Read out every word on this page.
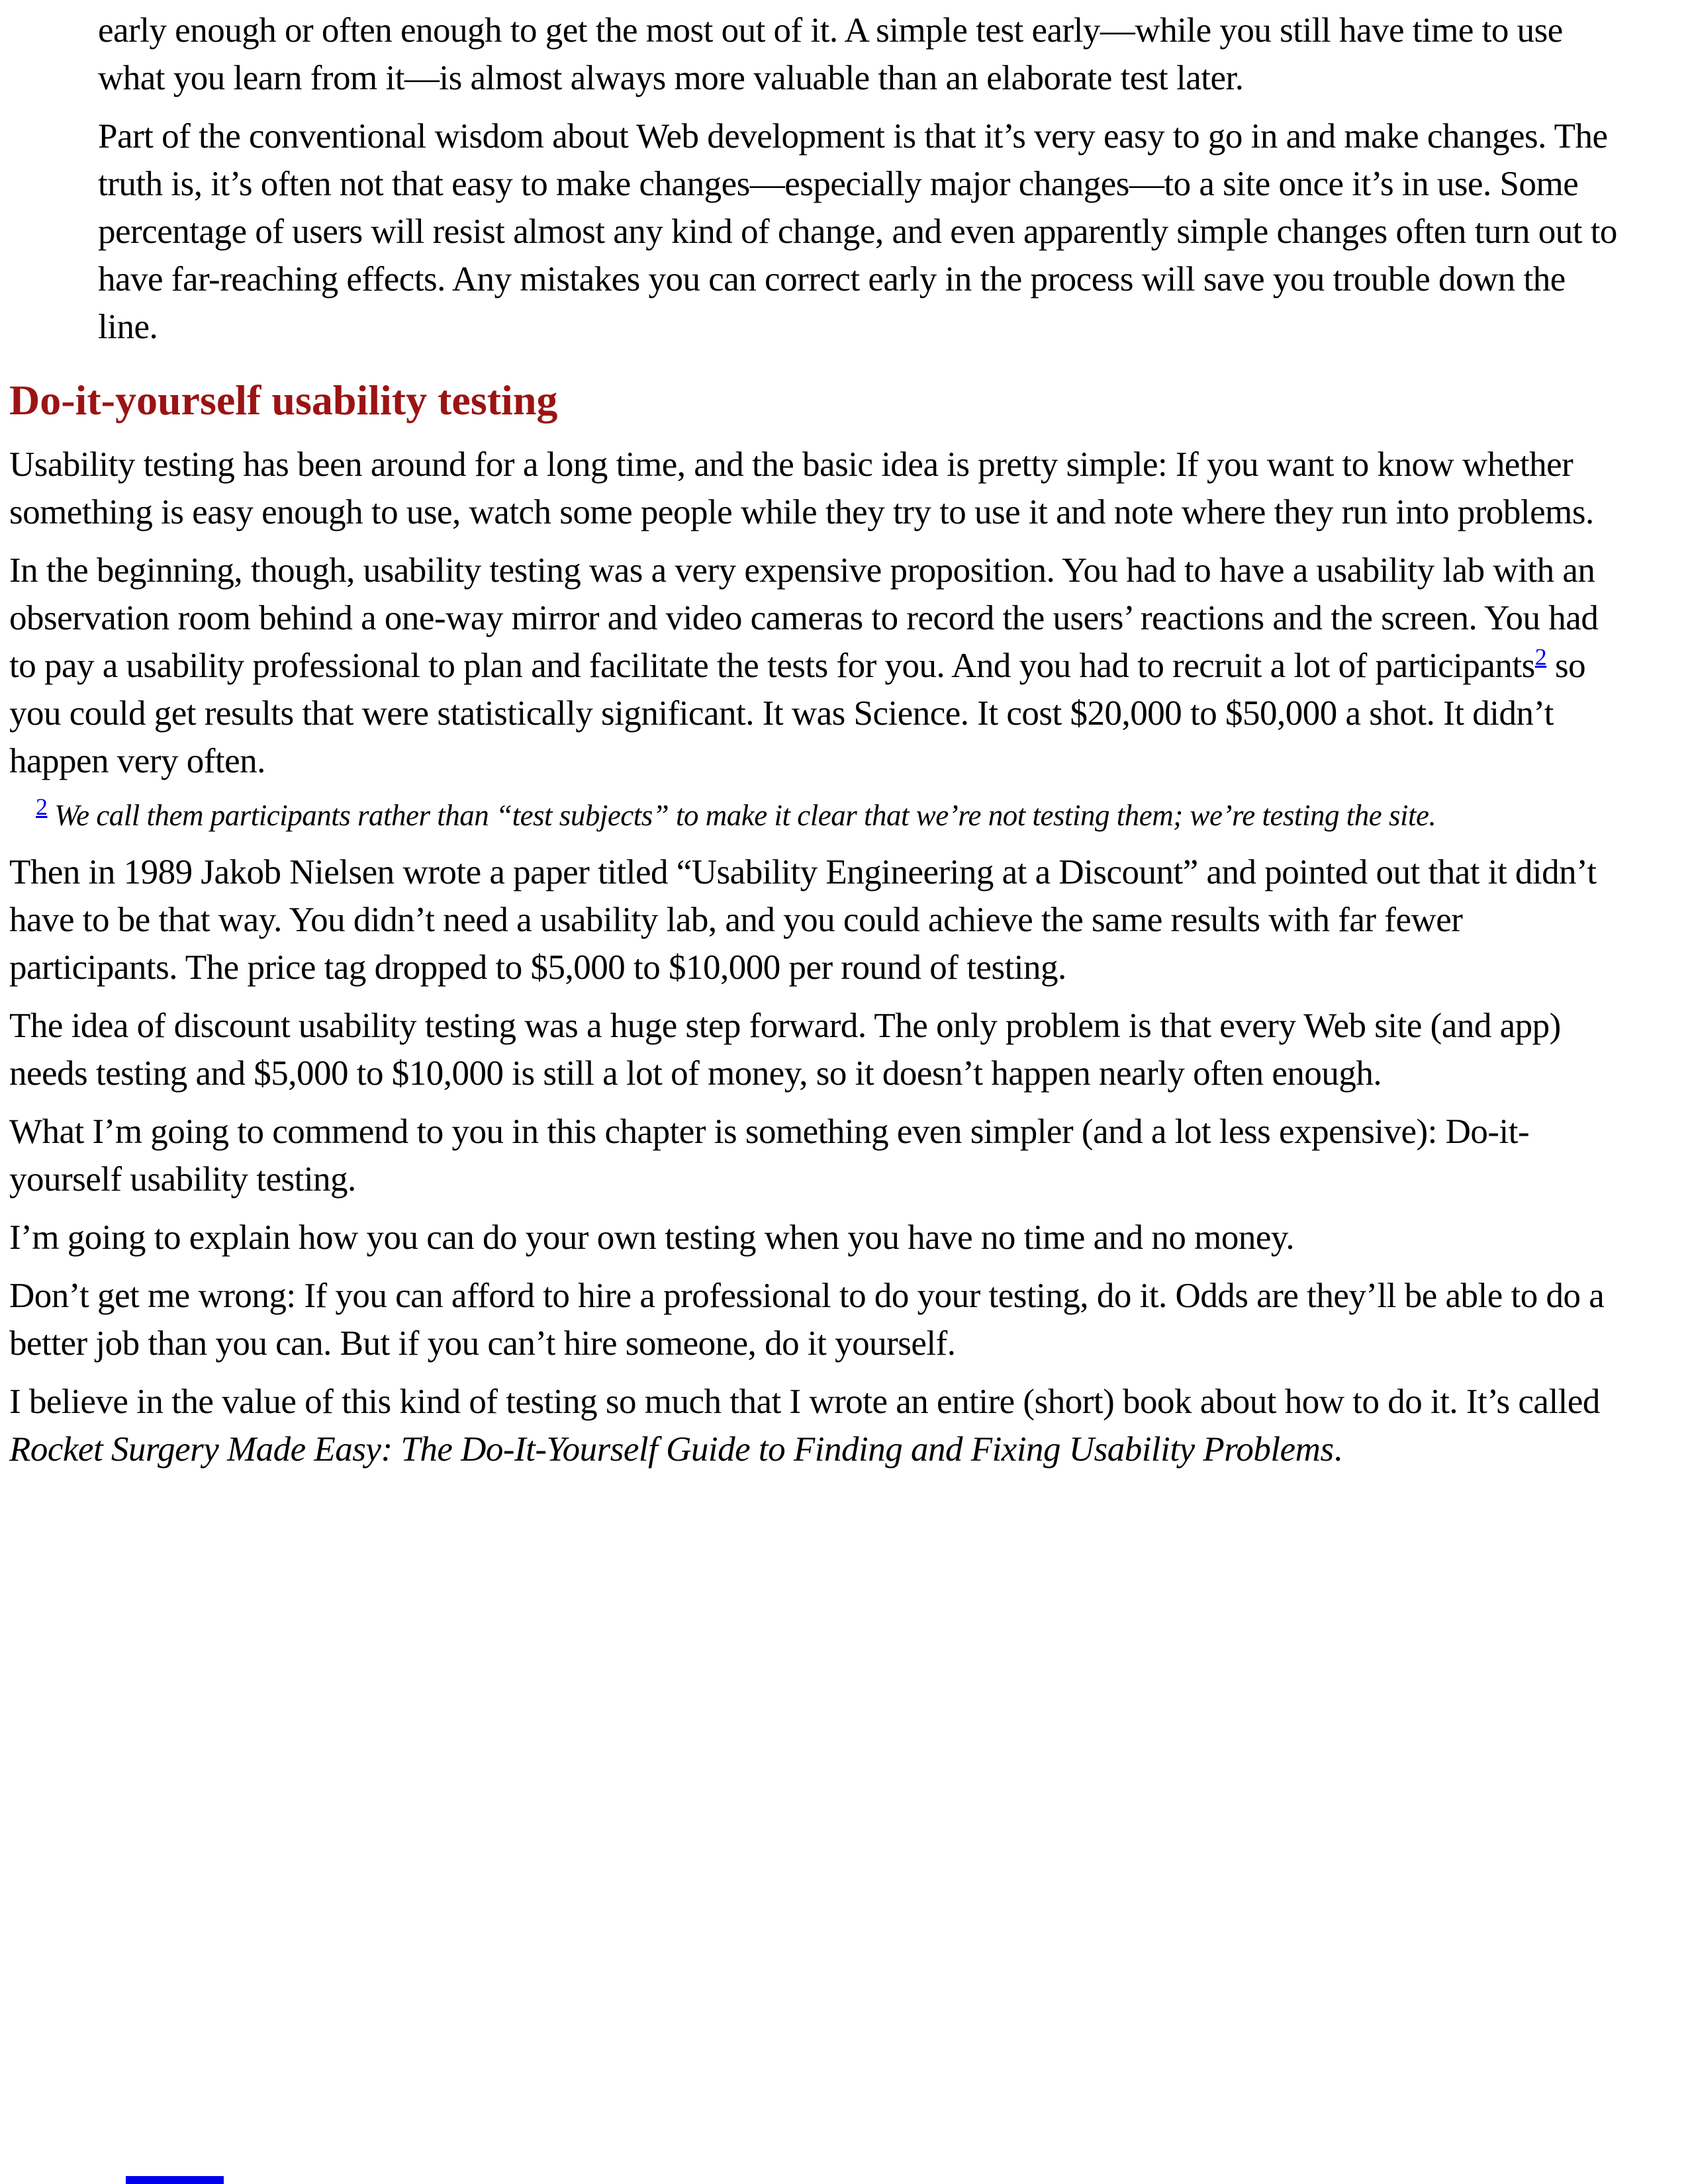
early enough or often enough to get the most out of it. A simple test early—while you still have time to use what you learn from it—is almost always more valuable than an elaborate test later.

Part of the conventional wisdom about Web development is that it’s very easy to go in and make changes. The truth is, it’s often not that easy to make changes—especially major changes—to a site once it’s in use. Some percentage of users will resist almost any kind of change, and even apparently simple changes often turn out to have far-reaching effects. Any mistakes you can correct early in the process will save you trouble down the line.

Do-it-yourself usability testing

Usability testing has been around for a long time, and the basic idea is pretty simple: If you want to know whether something is easy enough to use, watch some people while they try to use it and note where they run into problems.

In the beginning, though, usability testing was a very expensive proposition. You had to have a usability lab with an observation room behind a one-way mirror and video cameras to record the users’ reactions and the screen. You had to pay a usability professional to plan and facilitate the tests for you. And you had to recruit a lot of participants$^2$ so you could get results that were statistically significant. It was Science. It cost $20,000 to $50,000 a shot. It didn’t happen very often.

$^2$ We call them participants rather than “test subjects” to make it clear that we’re not testing them; we’re testing the site.

Then in 1989 Jakob Nielsen wrote a paper titled “Usability Engineering at a Discount” and pointed out that it didn’t have to be that way. You didn’t need a usability lab, and you could achieve the same results with far fewer participants. The price tag dropped to $5,000 to $10,000 per round of testing.

The idea of discount usability testing was a huge step forward. The only problem is that every Web site (and app) needs testing and $5,000 to $10,000 is still a lot of money, so it doesn’t happen nearly often enough.

What I’m going to commend to you in this chapter is something even simpler (and a lot less expensive): Do-it-yourself usability testing.

I’m going to explain how you can do your own testing when you have no time and no money.

Don’t get me wrong: If you can afford to hire a professional to do your testing, do it. Odds are they’ll be able to do a better job than you can. But if you can’t hire someone, do it yourself.

I believe in the value of this kind of testing so much that I wrote an entire (short) book about how to do it. It’s called Rocket Surgery Made Easy: The Do-It-Yourself Guide to Finding and Fixing Usability Problems.
